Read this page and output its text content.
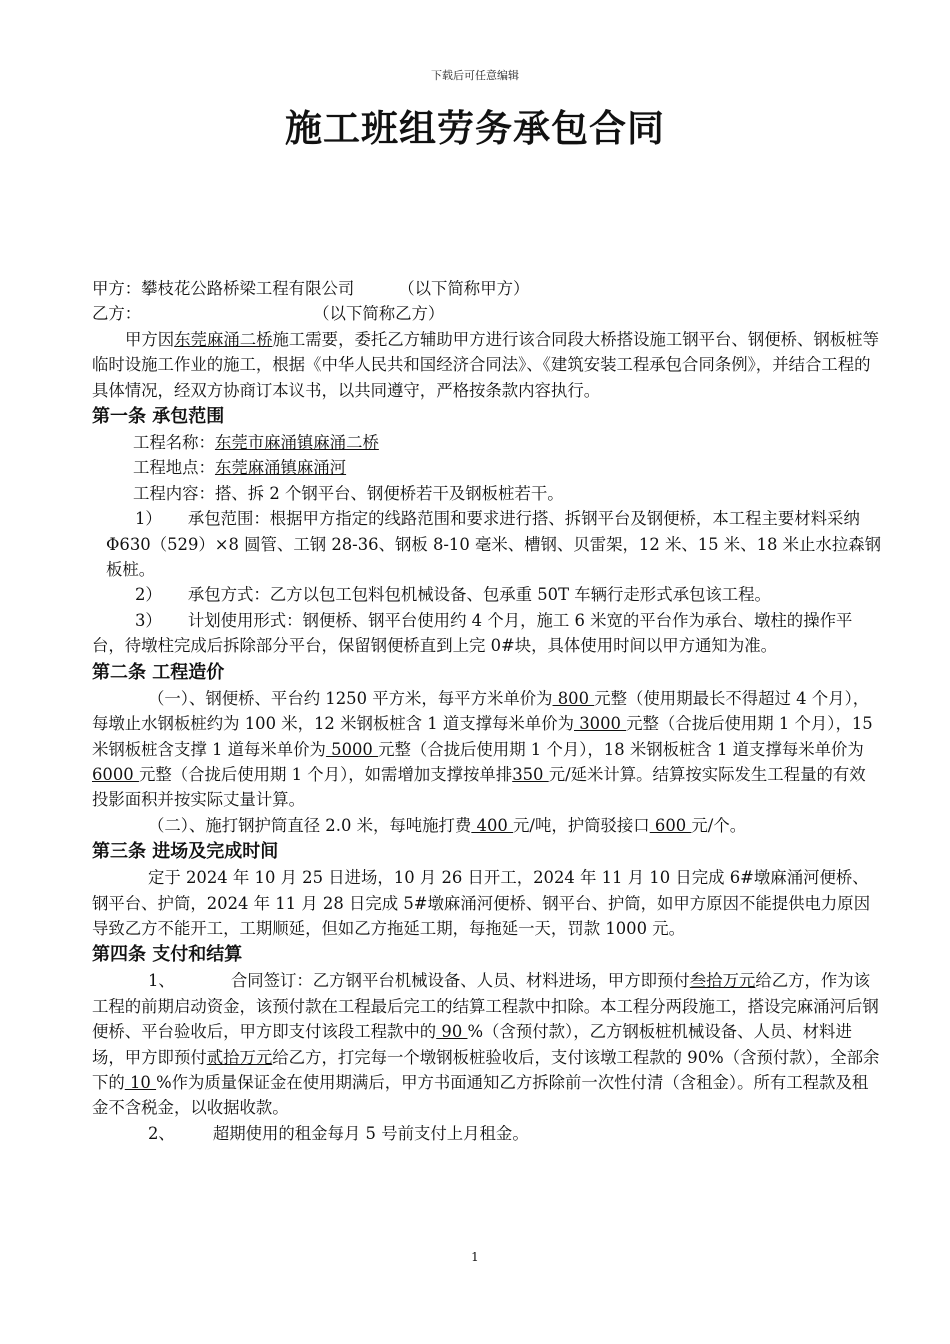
下载后可任意编辑
施工班组劳务承包合同

甲方：攀枝花公路桥梁工程有限公司	（以下简称甲方）

乙方：	（以下简称乙方）

甲方因东莞麻涌二桥施工需要，委托乙方辅助甲方进行该合同段大桥搭设施工钢平台、钢便桥、钢板桩等临时设施工作业的施工，根据《中华人民共和国经济合同法》、《建筑安装工程承包合同条例》，并结合工程的具体情况，经双方协商订本议书，以共同遵守，严格按条款内容执行。

第一条 承包范围

工程名称：东莞市麻涌镇麻涌二桥

工程地点：东莞麻涌镇麻涌河

工程内容：搭、拆 2 个钢平台、钢便桥若干及钢板桩若干。

1） 承包范围：根据甲方指定的线路范围和要求进行搭、拆钢平台及钢便桥，本工程主要材料采纳 Φ630（529）×8 圆管、工钢 28-36、钢板 8-10 毫米、槽钢、贝雷架，12 米、15 米、18 米止水拉森钢板桩。

2） 承包方式：乙方以包工包料包机械设备、包承重 50T 车辆行走形式承包该工程。

3） 计划使用形式：钢便桥、钢平台使用约 4 个月，施工 6 米宽的平台作为承台、墩柱的操作平台，待墩柱完成后拆除部分平台，保留钢便桥直到上完 0#块，具体使用时间以甲方通知为准。

第二条 工程造价

（一）、钢便桥、平台约 1250 平方米，每平方米单价为 800 元整（使用期最长不得超过 4 个月），每墩止水钢板桩约为 100 米，12 米钢板桩含 1 道支撑每米单价为 3000 元整（合拢后使用期 1 个月），15 米钢板桩含支撑 1 道每米单价为 5000 元整（合拢后使用期 1 个月），18 米钢板桩含 1 道支撑每米单价为 6000 元整（合拢后使用期 1 个月），如需增加支撑按单排350 元/延米计算。结算按实际发生工程量的有效投影面积并按实际丈量计算。

（二）、施打钢护筒直径 2.0 米，每吨施打费 400 元/吨，护筒驳接口 600 元/个。

第三条 进场及完成时间

定于 2024 年 10 月 25 日进场，10 月 26 日开工，2024 年 11 月 10 日完成 6#墩麻涌河便桥、钢平台、护筒，2024 年 11 月 28 日完成 5#墩麻涌河便桥、钢平台、护筒，如甲方原因不能提供电力原因导致乙方不能开工，工期顺延，但如乙方拖延工期，每拖延一天，罚款 1000 元。

第四条 支付和结算

1、	合同签订：乙方钢平台机械设备、人员、材料进场，甲方即预付叁拾万元给乙方，作为该工程的前期启动资金，该预付款在工程最后完工的结算工程款中扣除。本工程分两段施工，搭设完麻涌河后钢便桥、平台验收后，甲方即支付该段工程款中的 90 %（含预付款），乙方钢板桩机械设备、人员、材料进场，甲方即预付贰拾万元给乙方，打完每一个墩钢板桩验收后，支付该墩工程款的 90%（含预付款），全部余下的 10 %作为质量保证金在使用期满后，甲方书面通知乙方拆除前一次性付清（含租金）。所有工程款及租金不含税金，以收据收款。

2、 超期使用的租金每月 5 号前支付上月租金。

1
